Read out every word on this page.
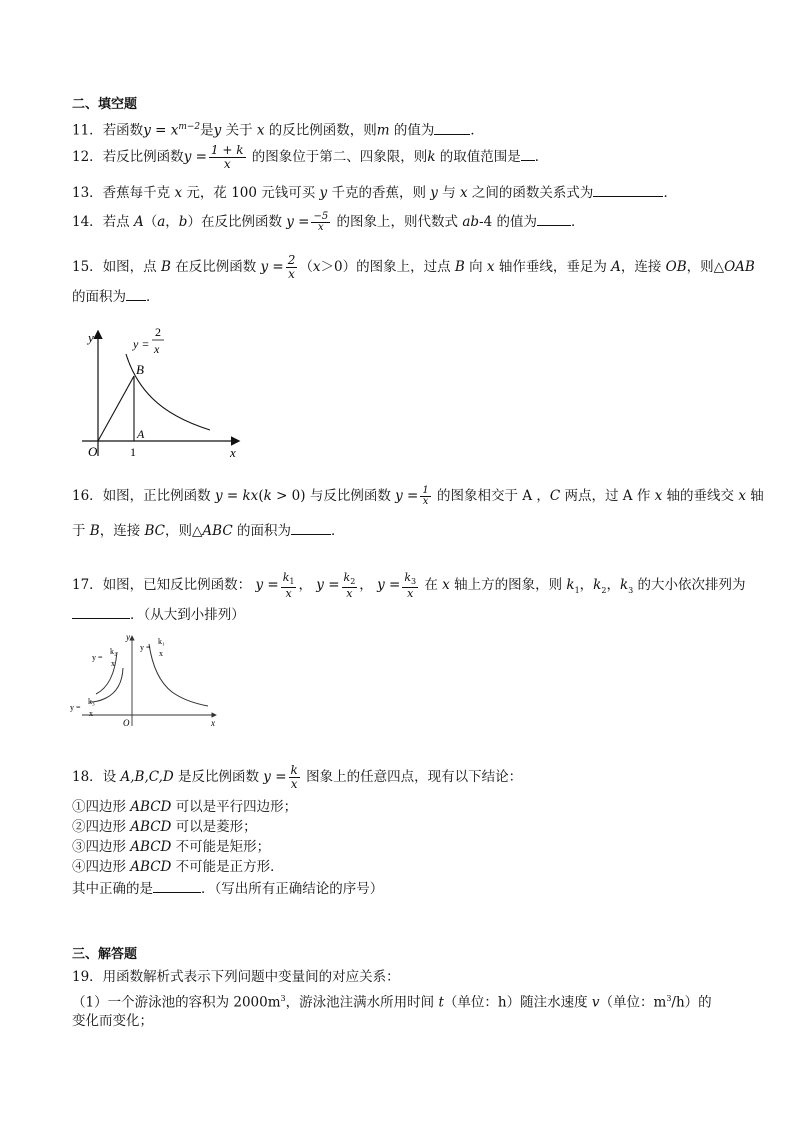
二、填空题
11．若函数$y = x^{m-2}$是y 关于 x 的反比例函数，则m 的值为	．
12．若反比例函数$y = \frac{1 + k}{x}$ 的图象位于第二、四象限，则k 的取值范围是 ．
13．香蕉每千克 x 元，花 100 元钱可买 y 千克的香蕉，则 y 与 x 之间的函数关系式为	．
14．若点 A（a，b）在反比例函数 $y = \frac{-5}{x}$ 的图象上，则代数式 ab-4 的值为	．
15．如图，点 B 在反比例函数 $y = \frac{2}{x} (x>0)$的图象上，过点 B 向 x 轴作垂线，垂足为 A，连接 OB，则△OAB
的面积为 ．
y
x
O	1
A
B
y =
2
x
16．如图，正比例函数 y = kx(k > 0) 与反比例函数 $y = \frac{1}{x}$ 的图象相交于 A ，C 两点，过 A 作 x 轴的垂线交 x 轴
于 B，连接 BC，则△ABC 的面积为	．
17．如图，已知反比例函数： $y = \frac{k_1}{x}$ ， $y = \frac{k_2}{x}$ ， $y = \frac{k_3}{x}$ 在 x 轴上方的图象，则 $k_1$，$k_2$，$k_3$ 的大小依次排列为
．（从大到小排列）
y
x
O
y =
k₁
x
y =
k₂
x
y =
k₃
x
18．设 A,B,C,D 是反比例函数 $y = \frac{k}{x}$ 图象上的任意四点，现有以下结论：
①四边形 ABCD 可以是平行四边形；
②四边形 ABCD 可以是菱形；
③四边形 ABCD 不可能是矩形；
④四边形 ABCD 不可能是正方形．
其中正确的是	．（写出所有正确结论的序号）
三、解答题
19．用函数解析式表示下列问题中变量间的对应关系：
（1）一个游泳池的容积为 $2000m^3$，游泳池注满水所用时间 t（单位：h）随注水速度 v（单位：$m^3/h$）的
变化而变化；
